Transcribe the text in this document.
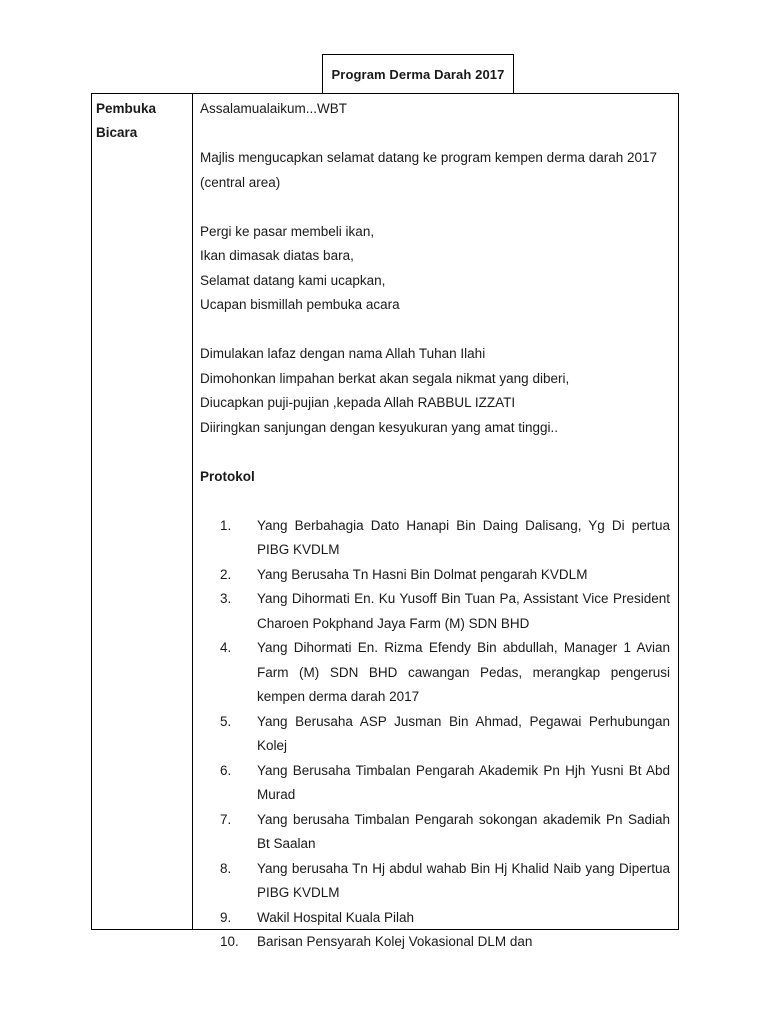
Program Derma Darah 2017
Pembuka
Bicara

Assalamualaikum...WBT

Majlis mengucapkan selamat datang ke program kempen derma darah 2017 (central area)

Pergi ke pasar membeli ikan,
Ikan dimasak diatas bara,
Selamat datang kami ucapkan,
Ucapan bismillah pembuka acara

Dimulakan lafaz dengan nama Allah Tuhan Ilahi
Dimohonkan limpahan berkat akan segala nikmat yang diberi,
Diucapkan puji-pujian ,kepada Allah RABBUL IZZATI
Diiringkan sanjungan dengan kesyukuran yang amat tinggi..

Protokol

1.	Yang Berbahagia Dato Hanapi Bin Daing Dalisang, Yg Di pertua PIBG KVDLM
2.	Yang Berusaha Tn Hasni Bin Dolmat pengarah KVDLM
3.	Yang Dihormati En. Ku Yusoff Bin Tuan Pa, Assistant Vice President Charoen Pokphand Jaya Farm (M) SDN BHD
4.	Yang Dihormati En. Rizma Efendy Bin abdullah, Manager 1 Avian Farm (M) SDN BHD cawangan Pedas, merangkap pengerusi kempen derma darah 2017
5.	Yang Berusaha ASP Jusman Bin Ahmad, Pegawai Perhubungan Kolej
6.	Yang Berusaha Timbalan Pengarah Akademik Pn Hjh Yusni Bt Abd Murad
7.	Yang berusaha Timbalan Pengarah sokongan akademik Pn Sadiah Bt Saalan
8.	Yang berusaha Tn Hj abdul wahab Bin Hj Khalid Naib yang Dipertua PIBG KVDLM
9.	Wakil Hospital Kuala Pilah
10.	Barisan Pensyarah Kolej Vokasional DLM dan
